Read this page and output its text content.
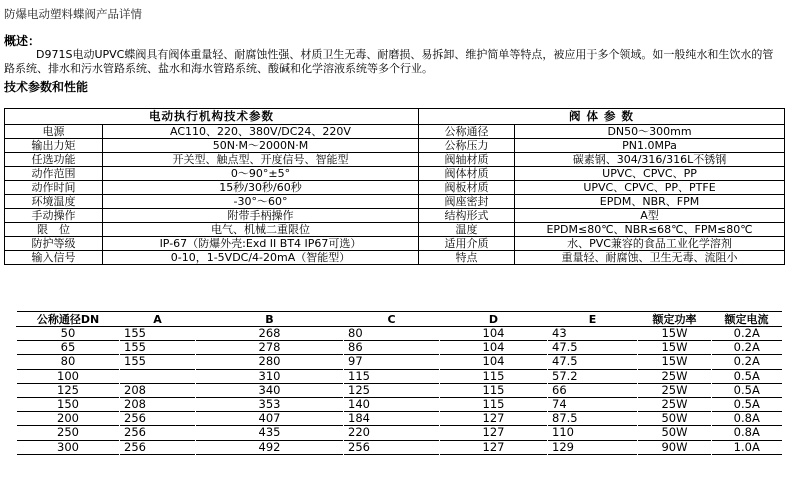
防爆电动塑料蝶阀产品详情
概述：
D971S电动UPVC蝶阀具有阀体重量轻、耐腐蚀性强、材质卫生无毒、耐磨损、易拆卸、维护简单等特点，被应用于多个领域。如一般纯水和生饮水的管路系统、排水和污水管路系统、盐水和海水管路系统、酸碱和化学溶液系统等多个行业。
技术参数和性能
电动执行机构技术参数		阀 体 参 数	
电源	AC110、220、380V/DC24、220V	公称通径	DN50～300mm
输出力矩	50N·M～2000N·M	公称压力	PN1.0MPa
任选功能	开关型、触点型、开度信号、智能型	阀轴材质	碳素钢、304/316/316L不锈钢
动作范围	0～90°±5°	阀体材质	UPVC、CPVC、PP
动作时间	15秒/30秒/60秒	阀板材质	UPVC、CPVC、PP、PTFE
环境温度	-30°～60°	阀座密封	EPDM、NBR、FPM
手动操作	附带手柄操作	结构形式	A型
限　位	电气、机械二重限位	温度	EPDM≤80℃、NBR≤68℃、FPM≤80℃
防护等级	IP-67（防爆外壳:Exd II BT4 IP67可选）	适用介质	水、PVC兼容的食品工业化学溶剂
输入信号	0-10，1-5VDC/4-20mA（智能型）	特点	重量轻、耐腐蚀、卫生无毒、流阻小
公称通径DN	A	B	C	D	E	额定功率	额定电流
50	155	268	80	104	43	15W	0.2A
65	155	278	86	104	47.5	15W	0.2A
80	155	280	97	104	47.5	15W	0.2A
100		310	115	115	57.2	25W	0.5A
125	208	340	125	115	66	25W	0.5A
150	208	353	140	115	74	25W	0.5A
200	256	407	184	127	87.5	50W	0.8A
250	256	435	220	127	110	50W	0.8A
300	256	492	256	127	129	90W	1.0A
